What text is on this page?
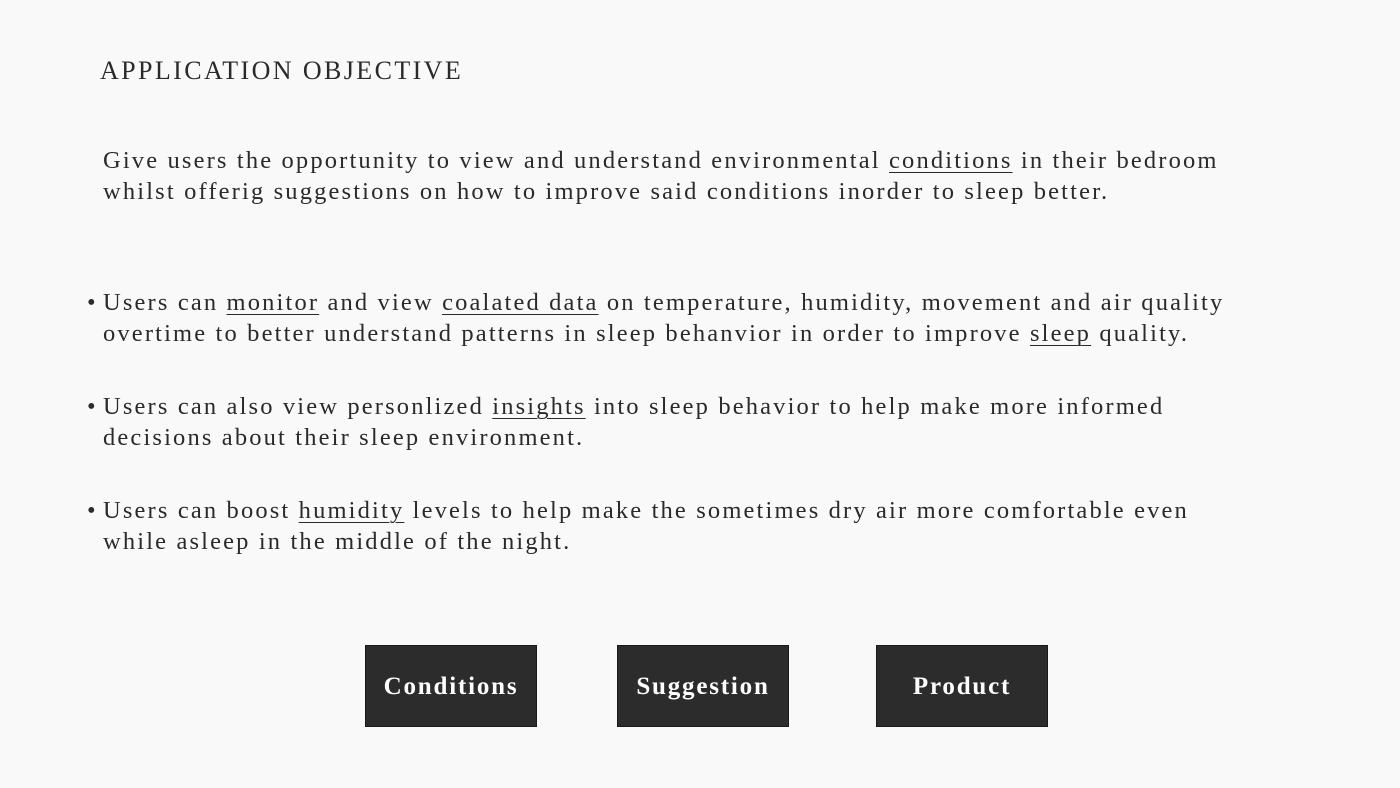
APPLICATION OBJECTIVE
Give users the opportunity to view and understand environmental conditions in their bedroom
whilst offerig suggestions on how to improve said conditions inorder to sleep better.
• Users can monitor and view coalated data on temperature, humidity, movement and air quality
overtime to better understand patterns in sleep behanvior in order to improve sleep quality.
• Users can also view personlized insights into sleep behavior to help make more informed
decisions about their sleep environment.
• Users can boost humidity levels to help make the sometimes dry air more comfortable even
while asleep in the middle of the night.
Conditions	Suggestion	Product
